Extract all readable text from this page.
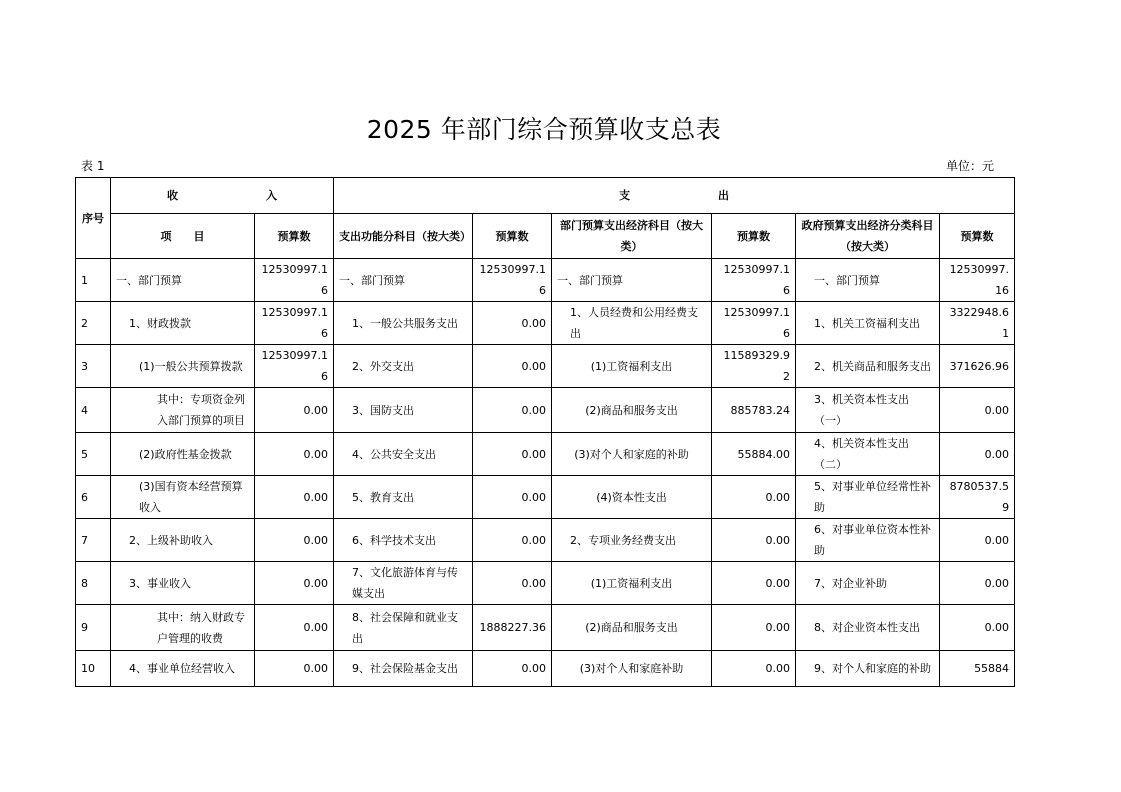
2025 年部门综合预算收支总表
表 1	单位：元
序号	收　　　　　　　　入		支　　　　　　　　出					
	项　　目	预算数	支出功能分科目（按大类）	预算数	部门预算支出经济科目（按大类）	预算数	政府预算支出经济分类科目（按大类）	预算数
1	一、部门预算	12530997.16	一、部门预算	12530997.16	一、部门预算	12530997.16	一、部门预算	12530997.16
2	1、财政拨款	12530997.16	1、一般公共服务支出	0.00	1、人员经费和公用经费支出	12530997.16	1、机关工资福利支出	3322948.61
3	(1)一般公共预算拨款	12530997.16	2、外交支出	0.00	(1)工资福利支出	11589329.92	2、机关商品和服务支出	371626.96
4	其中：专项资金列入部门预算的项目	0.00	3、国防支出	0.00	(2)商品和服务支出	885783.24	3、机关资本性支出（一）	0.00
5	(2)政府性基金拨款	0.00	4、公共安全支出	0.00	(3)对个人和家庭的补助	55884.00	4、机关资本性支出（二）	0.00
6	(3)国有资本经营预算收入	0.00	5、教育支出	0.00	(4)资本性支出	0.00	5、对事业单位经常性补助	8780537.59
7	2、上级补助收入	0.00	6、科学技术支出	0.00	2、专项业务经费支出	0.00	6、对事业单位资本性补助	0.00
8	3、事业收入	0.00	7、文化旅游体育与传媒支出	0.00	(1)工资福利支出	0.00	7、对企业补助	0.00
9	其中：纳入财政专户管理的收费	0.00	8、社会保障和就业支出	1888227.36	(2)商品和服务支出	0.00	8、对企业资本性支出	0.00
10	4、事业单位经营收入	0.00	9、社会保险基金支出	0.00	(3)对个人和家庭补助	0.00	9、对个人和家庭的补助	55884
